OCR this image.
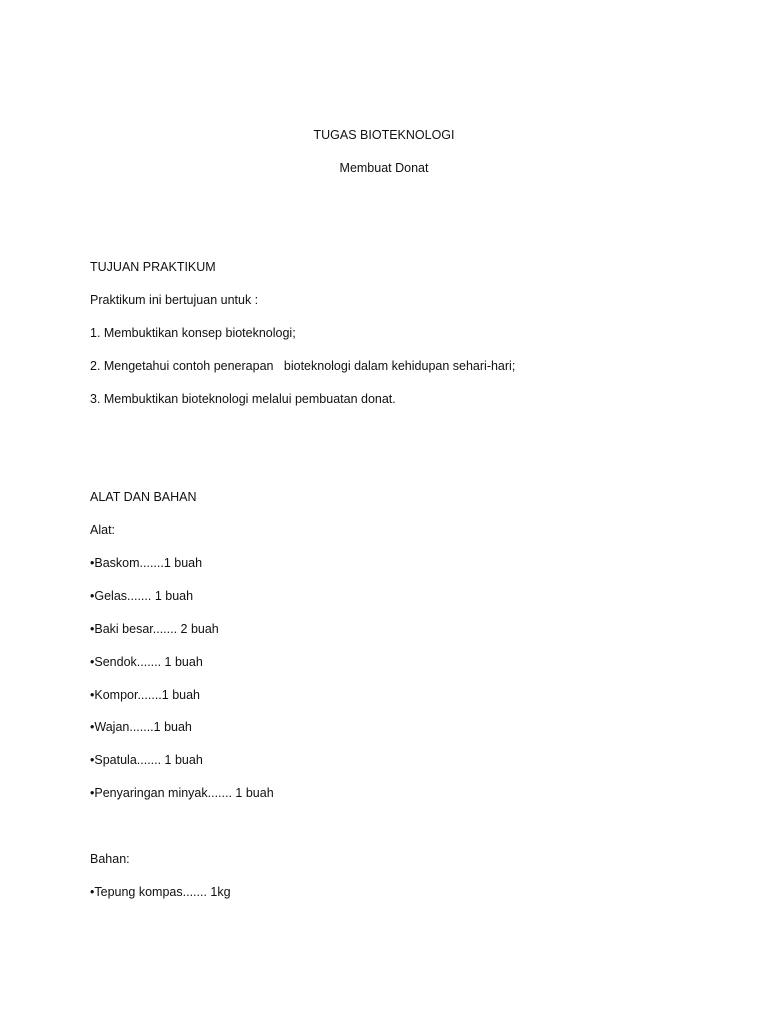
TUGAS BIOTEKNOLOGI
Membuat Donat
TUJUAN PRAKTIKUM
Praktikum ini bertujuan untuk :
1. Membuktikan konsep bioteknologi;
2. Mengetahui contoh penerapan   bioteknologi dalam kehidupan sehari-hari;
3. Membuktikan bioteknologi melalui pembuatan donat.
ALAT DAN BAHAN
Alat:
•Baskom.......1 buah
•Gelas....... 1 buah
•Baki besar....... 2 buah
•Sendok....... 1 buah
•Kompor.......1 buah
•Wajan.......1 buah
•Spatula....... 1 buah
•Penyaringan minyak....... 1 buah
Bahan:
•Tepung kompas....... 1kg
